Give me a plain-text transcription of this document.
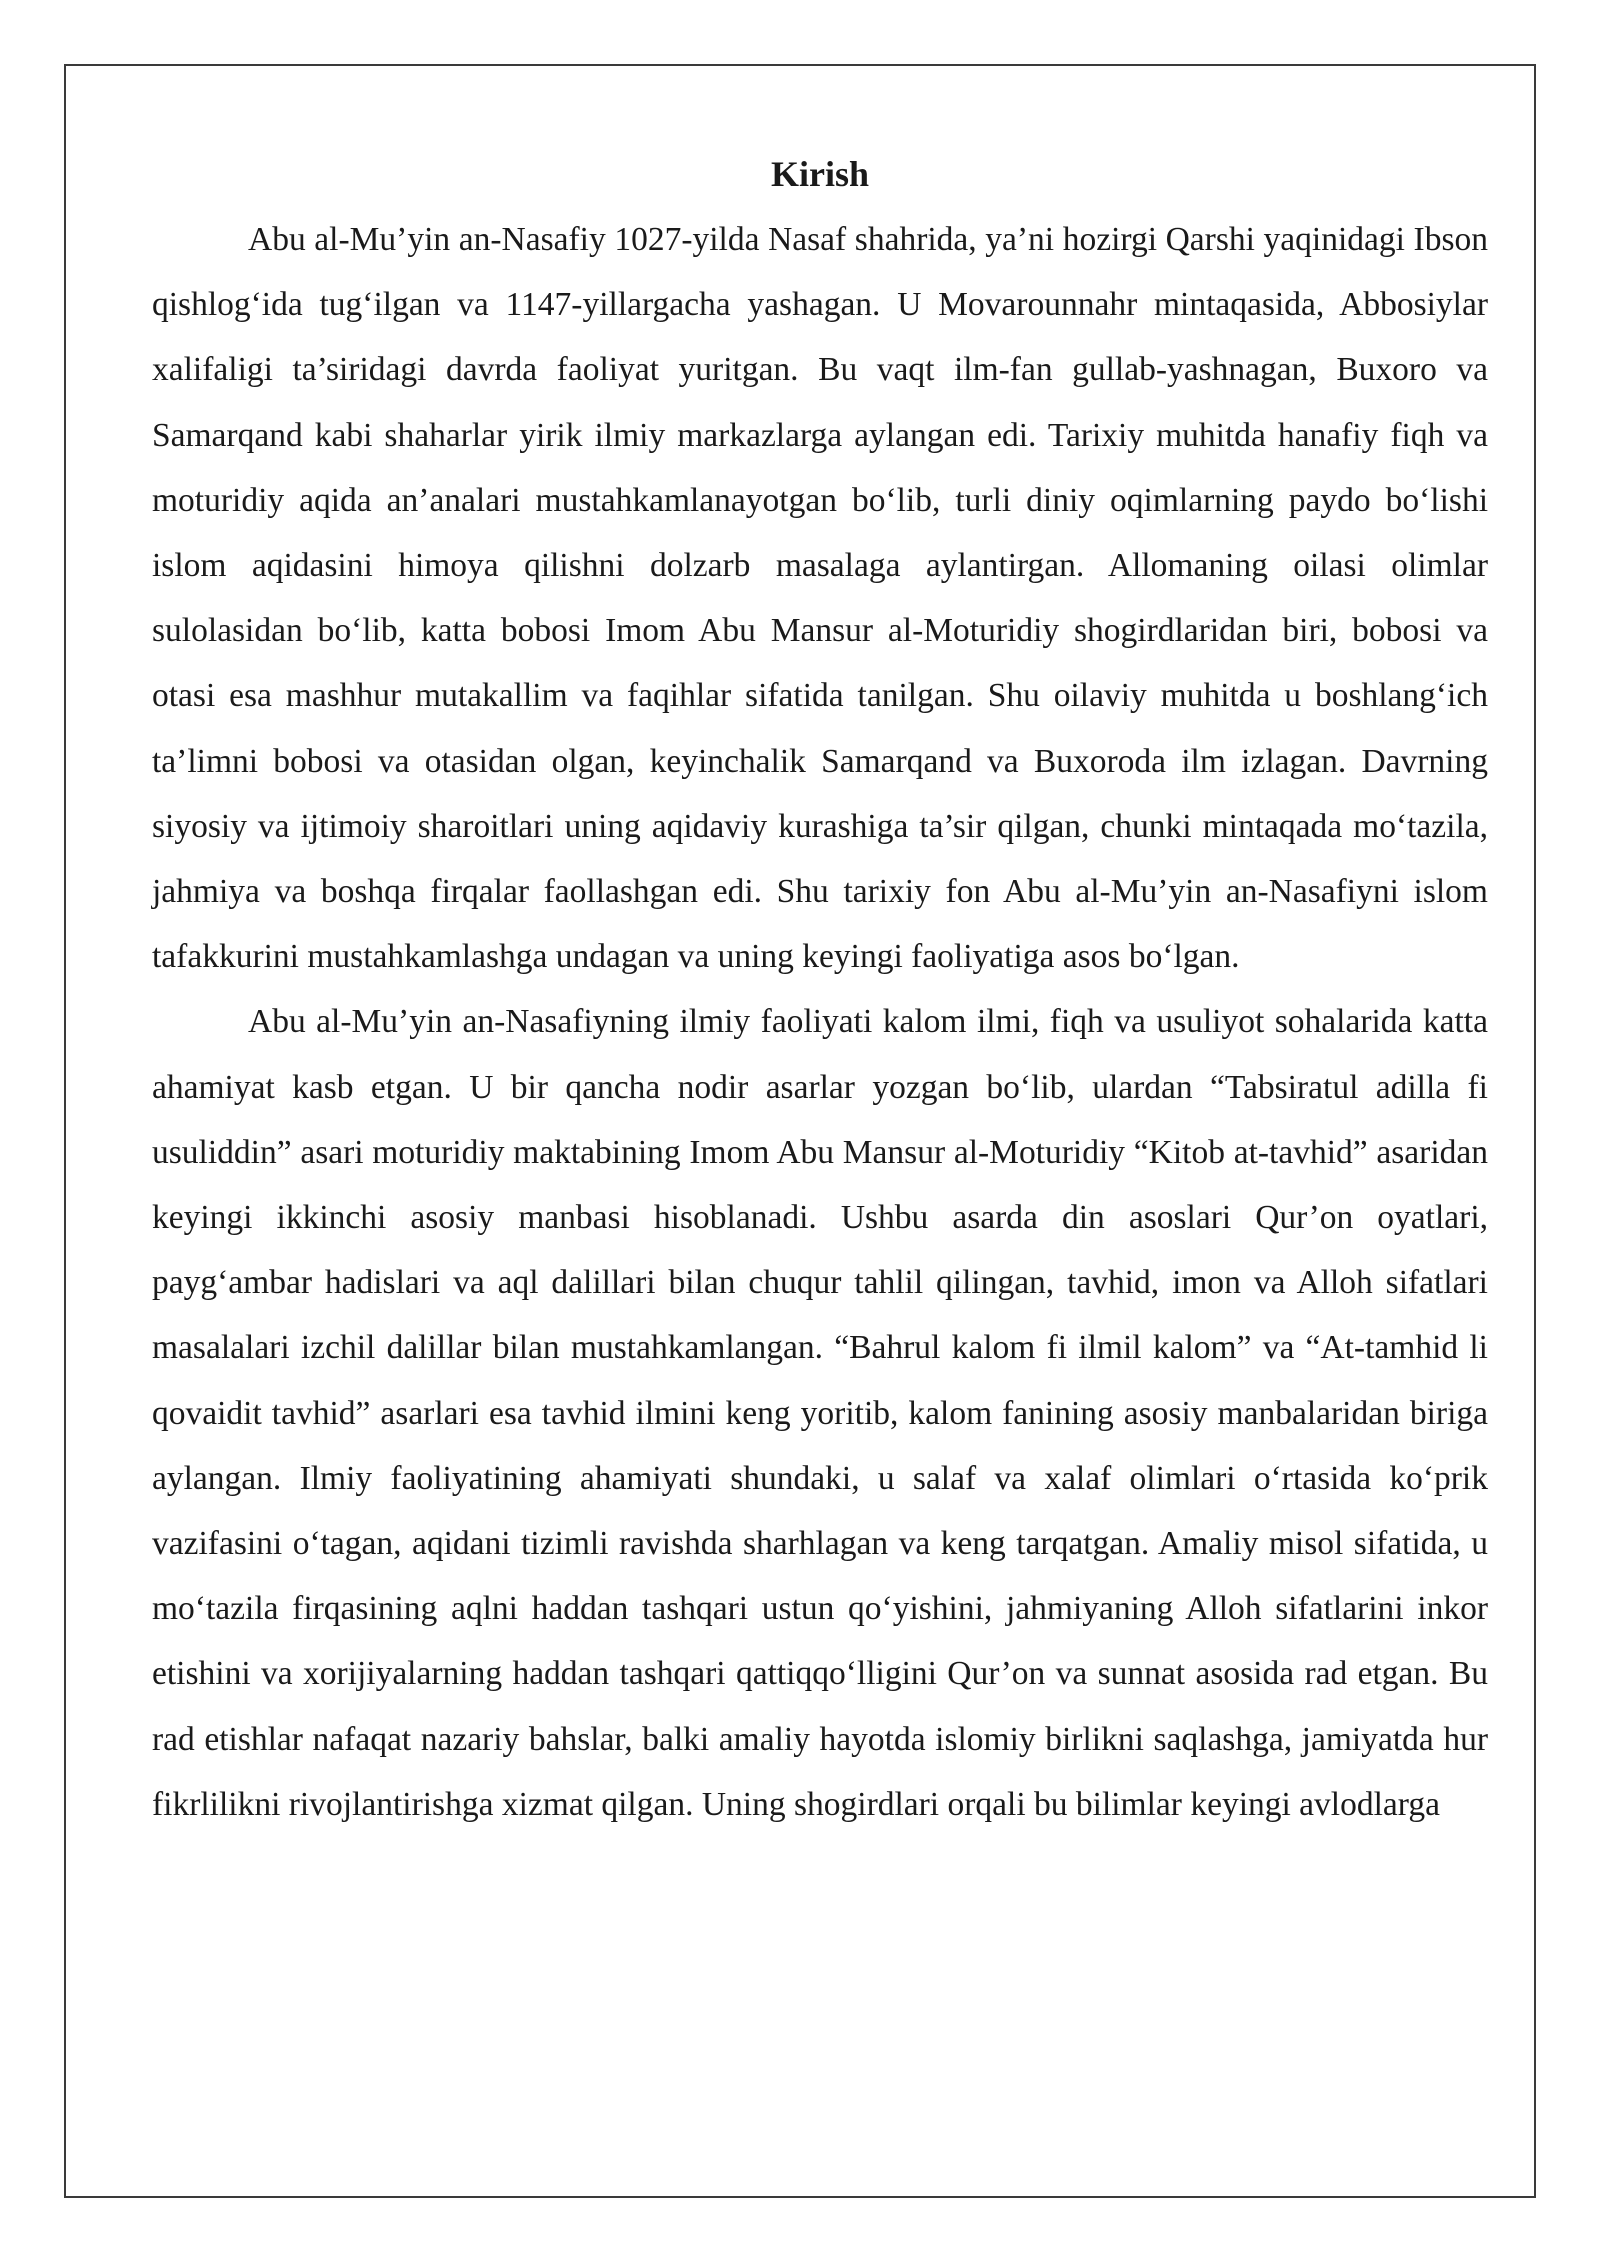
Kirish

Abu al-Mu’yin an-Nasafiy 1027-yilda Nasaf shahrida, ya’ni hozirgi Qarshi yaqinidagi Ibson qishlog‘ida tug‘ilgan va 1147-yillargacha yashagan. U Movarounnahr mintaqasida, Abbosiylar xalifaligi ta’siridagi davrda faoliyat yuritgan. Bu vaqt ilm-fan gullab-yashnagan, Buxoro va Samarqand kabi shaharlar yirik ilmiy markazlarga aylangan edi. Tarixiy muhitda hanafiy fiqh va moturidiy aqida an’analari mustahkamlanayotgan bo‘lib, turli diniy oqimlarning paydo bo‘lishi islom aqidasini himoya qilishni dolzarb masalaga aylantirgan. Allomaning oilasi olimlar sulolasidan bo‘lib, katta bobosi Imom Abu Mansur al-Moturidiy shogirdlaridan biri, bobosi va otasi esa mashhur mutakallim va faqihlar sifatida tanilgan. Shu oilaviy muhitda u boshlang‘ich ta’limni bobosi va otasidan olgan, keyinchalik Samarqand va Buxoroda ilm izlagan. Davrning siyosiy va ijtimoiy sharoitlari uning aqidaviy kurashiga ta’sir qilgan, chunki mintaqada mo‘tazila, jahmiya va boshqa firqalar faollashgan edi. Shu tarixiy fon Abu al-Mu’yin an-Nasafiyni islom tafakkurini mustahkamlashga undagan va uning keyingi faoliyatiga asos bo‘lgan.

Abu al-Mu’yin an-Nasafiyning ilmiy faoliyati kalom ilmi, fiqh va usuliyot sohalarida katta ahamiyat kasb etgan. U bir qancha nodir asarlar yozgan bo‘lib, ulardan “Tabsiratul adilla fi usuliddin” asari moturidiy maktabining Imom Abu Mansur al-Moturidiy “Kitob at-tavhid” asaridan keyingi ikkinchi asosiy manbasi hisoblanadi. Ushbu asarda din asoslari Qur’on oyatlari, payg‘ambar hadislari va aql dalillari bilan chuqur tahlil qilingan, tavhid, imon va Alloh sifatlari masalalari izchil dalillar bilan mustahkamlangan. “Bahrul kalom fi ilmil kalom” va “At-tamhid li qovaidit tavhid” asarlari esa tavhid ilmini keng yoritib, kalom fanining asosiy manbalaridan biriga aylangan. Ilmiy faoliyatining ahamiyati shundaki, u salaf va xalaf olimlari o‘rtasida ko‘prik vazifasini o‘tagan, aqidani tizimli ravishda sharhlagan va keng tarqatgan. Amaliy misol sifatida, u mo‘tazila firqasining aqlni haddan tashqari ustun qo‘yishini, jahmiyaning Alloh sifatlarini inkor etishini va xorijiyalarning haddan tashqari qattiqqo‘lligini Qur’on va sunnat asosida rad etgan. Bu rad etishlar nafaqat nazariy bahslar, balki amaliy hayotda islomiy birlikni saqlashga, jamiyatda hur fikrlilikni rivojlantirishga xizmat qilgan. Uning shogirdlari orqali bu bilimlar keyingi avlodlarga
